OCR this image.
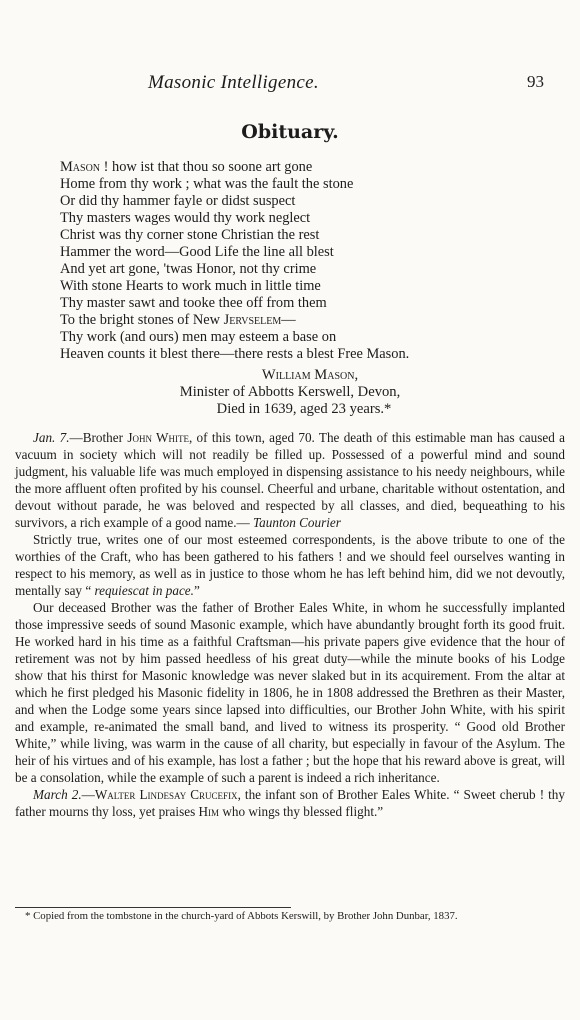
Masonic Intelligence.	93
Obituary.
Mason ! how ist that thou so soone art gone
Home from thy work ; what was the fault the stone
Or did thy hammer fayle or didst suspect
Thy masters wages would thy work neglect
Christ was thy corner stone Christian the rest
Hammer the word—Good Life the line all blest
And yet art gone, 'twas Honor, not thy crime
With stone Hearts to work much in little time
Thy master sawt and tooke thee off from them
To the bright stones of New Jervselem—
Thy work (and ours) men may esteem a base on
Heaven counts it blest there—there rests a blest Free Mason.
William Mason,
Minister of Abbotts Kerswell, Devon,
Died in 1639, aged 23 years.*

Jan. 7.—Brother John White, of this town, aged 70. The death of this estimable man has caused a vacuum in society which will not readily be filled up. Possessed of a powerful mind and sound judgment, his valuable life was much employed in dispensing assistance to his needy neighbours, while the more affluent often profited by his counsel. Cheerful and urbane, charitable without ostentation, and devout without parade, he was beloved and respected by all classes, and died, bequeathing to his survivors, a rich example of a good name.— Taunton Courier

Strictly true, writes one of our most esteemed correspondents, is the above tribute to one of the worthies of the Craft, who has been gathered to his fathers ! and we should feel ourselves wanting in respect to his memory, as well as in justice to those whom he has left behind him, did we not devoutly, mentally say “ requiescat in pace.”

Our deceased Brother was the father of Brother Eales White, in whom he successfully implanted those impressive seeds of sound Masonic example, which have abundantly brought forth its good fruit. He worked hard in his time as a faithful Craftsman—his private papers give evidence that the hour of retirement was not by him passed heedless of his great duty—while the minute books of his Lodge show that his thirst for Masonic knowledge was never slaked but in its acquirement. From the altar at which he first pledged his Masonic fidelity in 1806, he in 1808 addressed the Brethren as their Master, and when the Lodge some years since lapsed into difficulties, our Brother John White, with his spirit and example, re-animated the small band, and lived to witness its prosperity. “ Good old Brother White,” while living, was warm in the cause of all charity, but especially in favour of the Asylum. The heir of his virtues and of his example, has lost a father ; but the hope that his reward above is great, will be a consolation, while the example of such a parent is indeed a rich inheritance.

March 2.—Walter Lindesay Crucefix, the infant son of Brother Eales White. “ Sweet cherub ! thy father mourns thy loss, yet praises Him who wings thy blessed flight.”

* Copied from the tombstone in the church-yard of Abbots Kerswill, by Brother John Dunbar, 1837.
